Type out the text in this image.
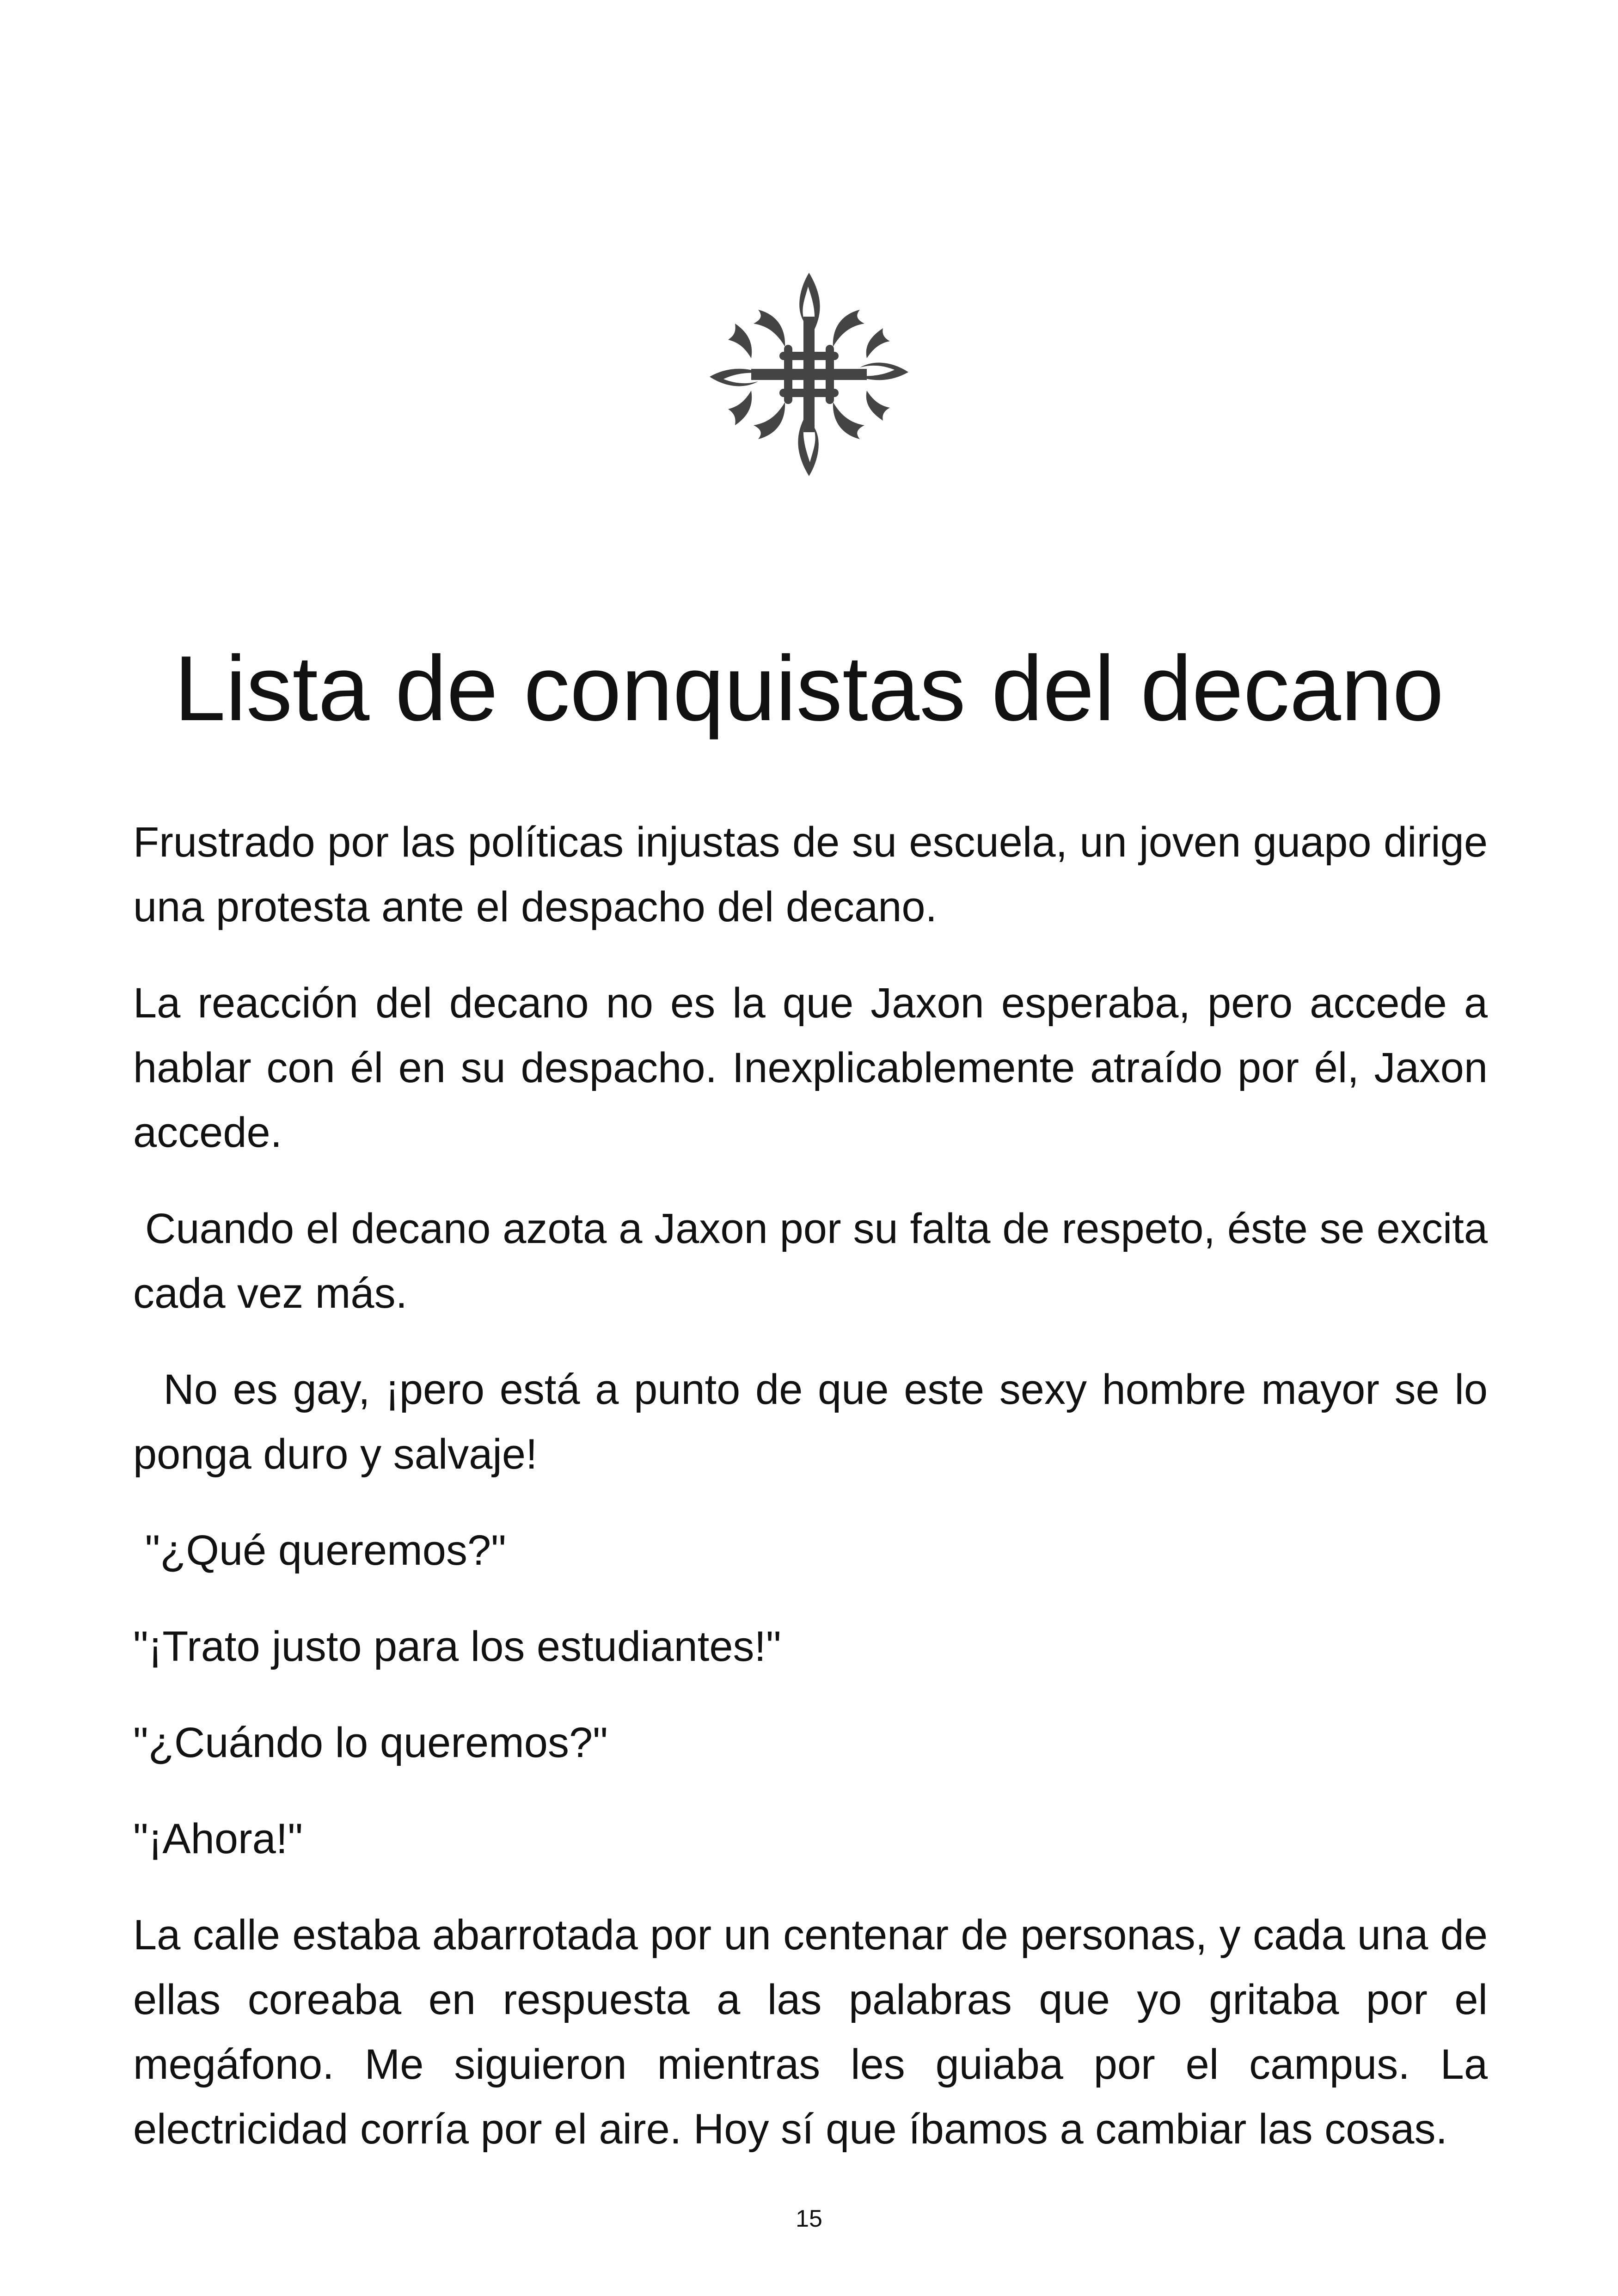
Lista de conquistas del decano

Frustrado por las políticas injustas de su escuela, un joven guapo dirige una protesta ante el despacho del decano.

La reacción del decano no es la que Jaxon esperaba, pero accede a hablar con él en su despacho. Inexplicablemente atraído por él, Jaxon accede.

Cuando el decano azota a Jaxon por su falta de respeto, éste se excita cada vez más.

No es gay, ¡pero está a punto de que este sexy hombre mayor se lo ponga duro y salvaje!

"¿Qué queremos?"

"¡Trato justo para los estudiantes!"

"¿Cuándo lo queremos?"

"¡Ahora!"

La calle estaba abarrotada por un centenar de personas, y cada una de ellas coreaba en respuesta a las palabras que yo gritaba por el megáfono. Me siguieron mientras les guiaba por el campus. La electricidad corría por el aire. Hoy sí que íbamos a cambiar las cosas.

15
